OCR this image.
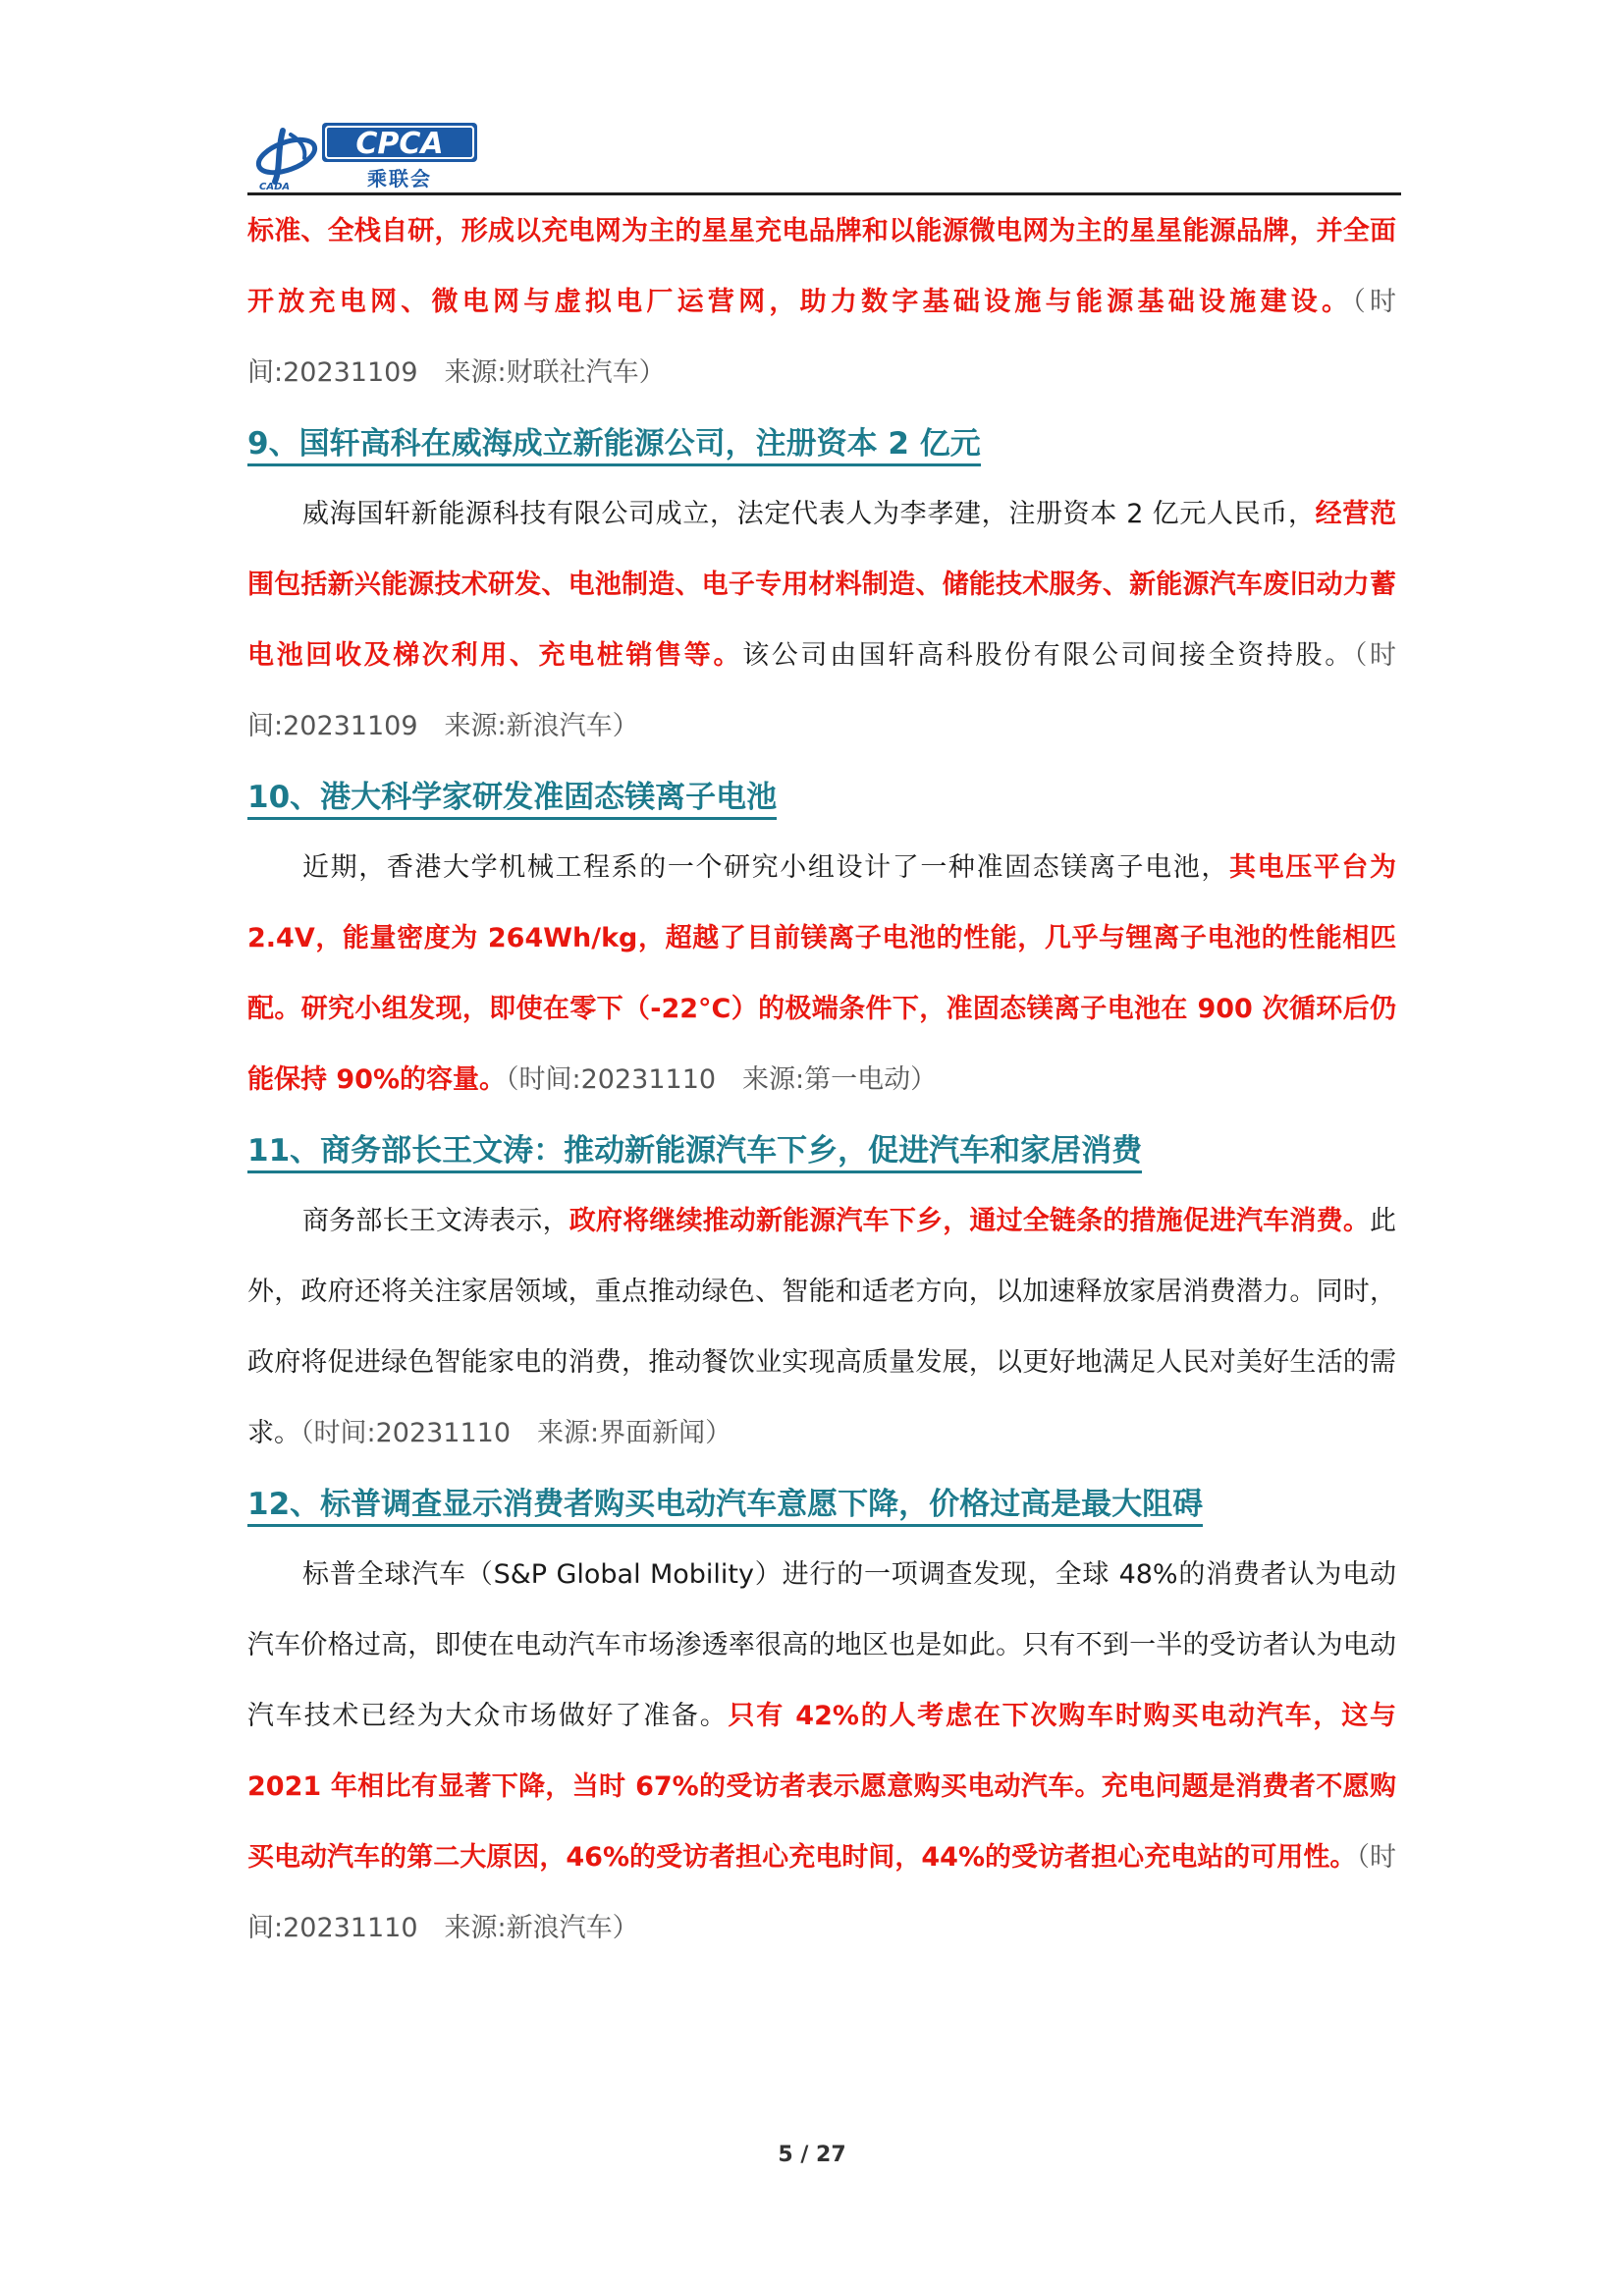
CADA
CPCA
乘联会

标准、全栈自研，形成以充电网为主的星星充电品牌和以能源微电网为主的星星能源品牌，并全面开放充电网、微电网与虚拟电厂运营网，助力数字基础设施与能源基础设施建设。（时间:20231109　来源:财联社汽车）

9、国轩高科在威海成立新能源公司，注册资本 2 亿元

威海国轩新能源科技有限公司成立，法定代表人为李孝建，注册资本 2 亿元人民币，经营范围包括新兴能源技术研发、电池制造、电子专用材料制造、储能技术服务、新能源汽车废旧动力蓄电池回收及梯次利用、充电桩销售等。该公司由国轩高科股份有限公司间接全资持股。（时间:20231109　来源:新浪汽车）

10、港大科学家研发准固态镁离子电池

近期，香港大学机械工程系的一个研究小组设计了一种准固态镁离子电池，其电压平台为 2.4V，能量密度为 264Wh/kg，超越了目前镁离子电池的性能，几乎与锂离子电池的性能相匹配。研究小组发现，即使在零下（-22°C）的极端条件下，准固态镁离子电池在 900 次循环后仍能保持 90%的容量。（时间:20231110　来源:第一电动）

11、商务部长王文涛：推动新能源汽车下乡，促进汽车和家居消费

商务部长王文涛表示，政府将继续推动新能源汽车下乡，通过全链条的措施促进汽车消费。此外，政府还将关注家居领域，重点推动绿色、智能和适老方向，以加速释放家居消费潜力。同时，政府将促进绿色智能家电的消费，推动餐饮业实现高质量发展，以更好地满足人民对美好生活的需求。（时间:20231110　来源:界面新闻）

12、标普调查显示消费者购买电动汽车意愿下降，价格过高是最大阻碍

标普全球汽车（S&P Global Mobility）进行的一项调查发现，全球 48%的消费者认为电动汽车价格过高，即使在电动汽车市场渗透率很高的地区也是如此。只有不到一半的受访者认为电动汽车技术已经为大众市场做好了准备。只有 42%的人考虑在下次购车时购买电动汽车，这与 2021 年相比有显著下降，当时 67%的受访者表示愿意购买电动汽车。充电问题是消费者不愿购买电动汽车的第二大原因，46%的受访者担心充电时间，44%的受访者担心充电站的可用性。（时间:20231110　来源:新浪汽车）

5 / 27
